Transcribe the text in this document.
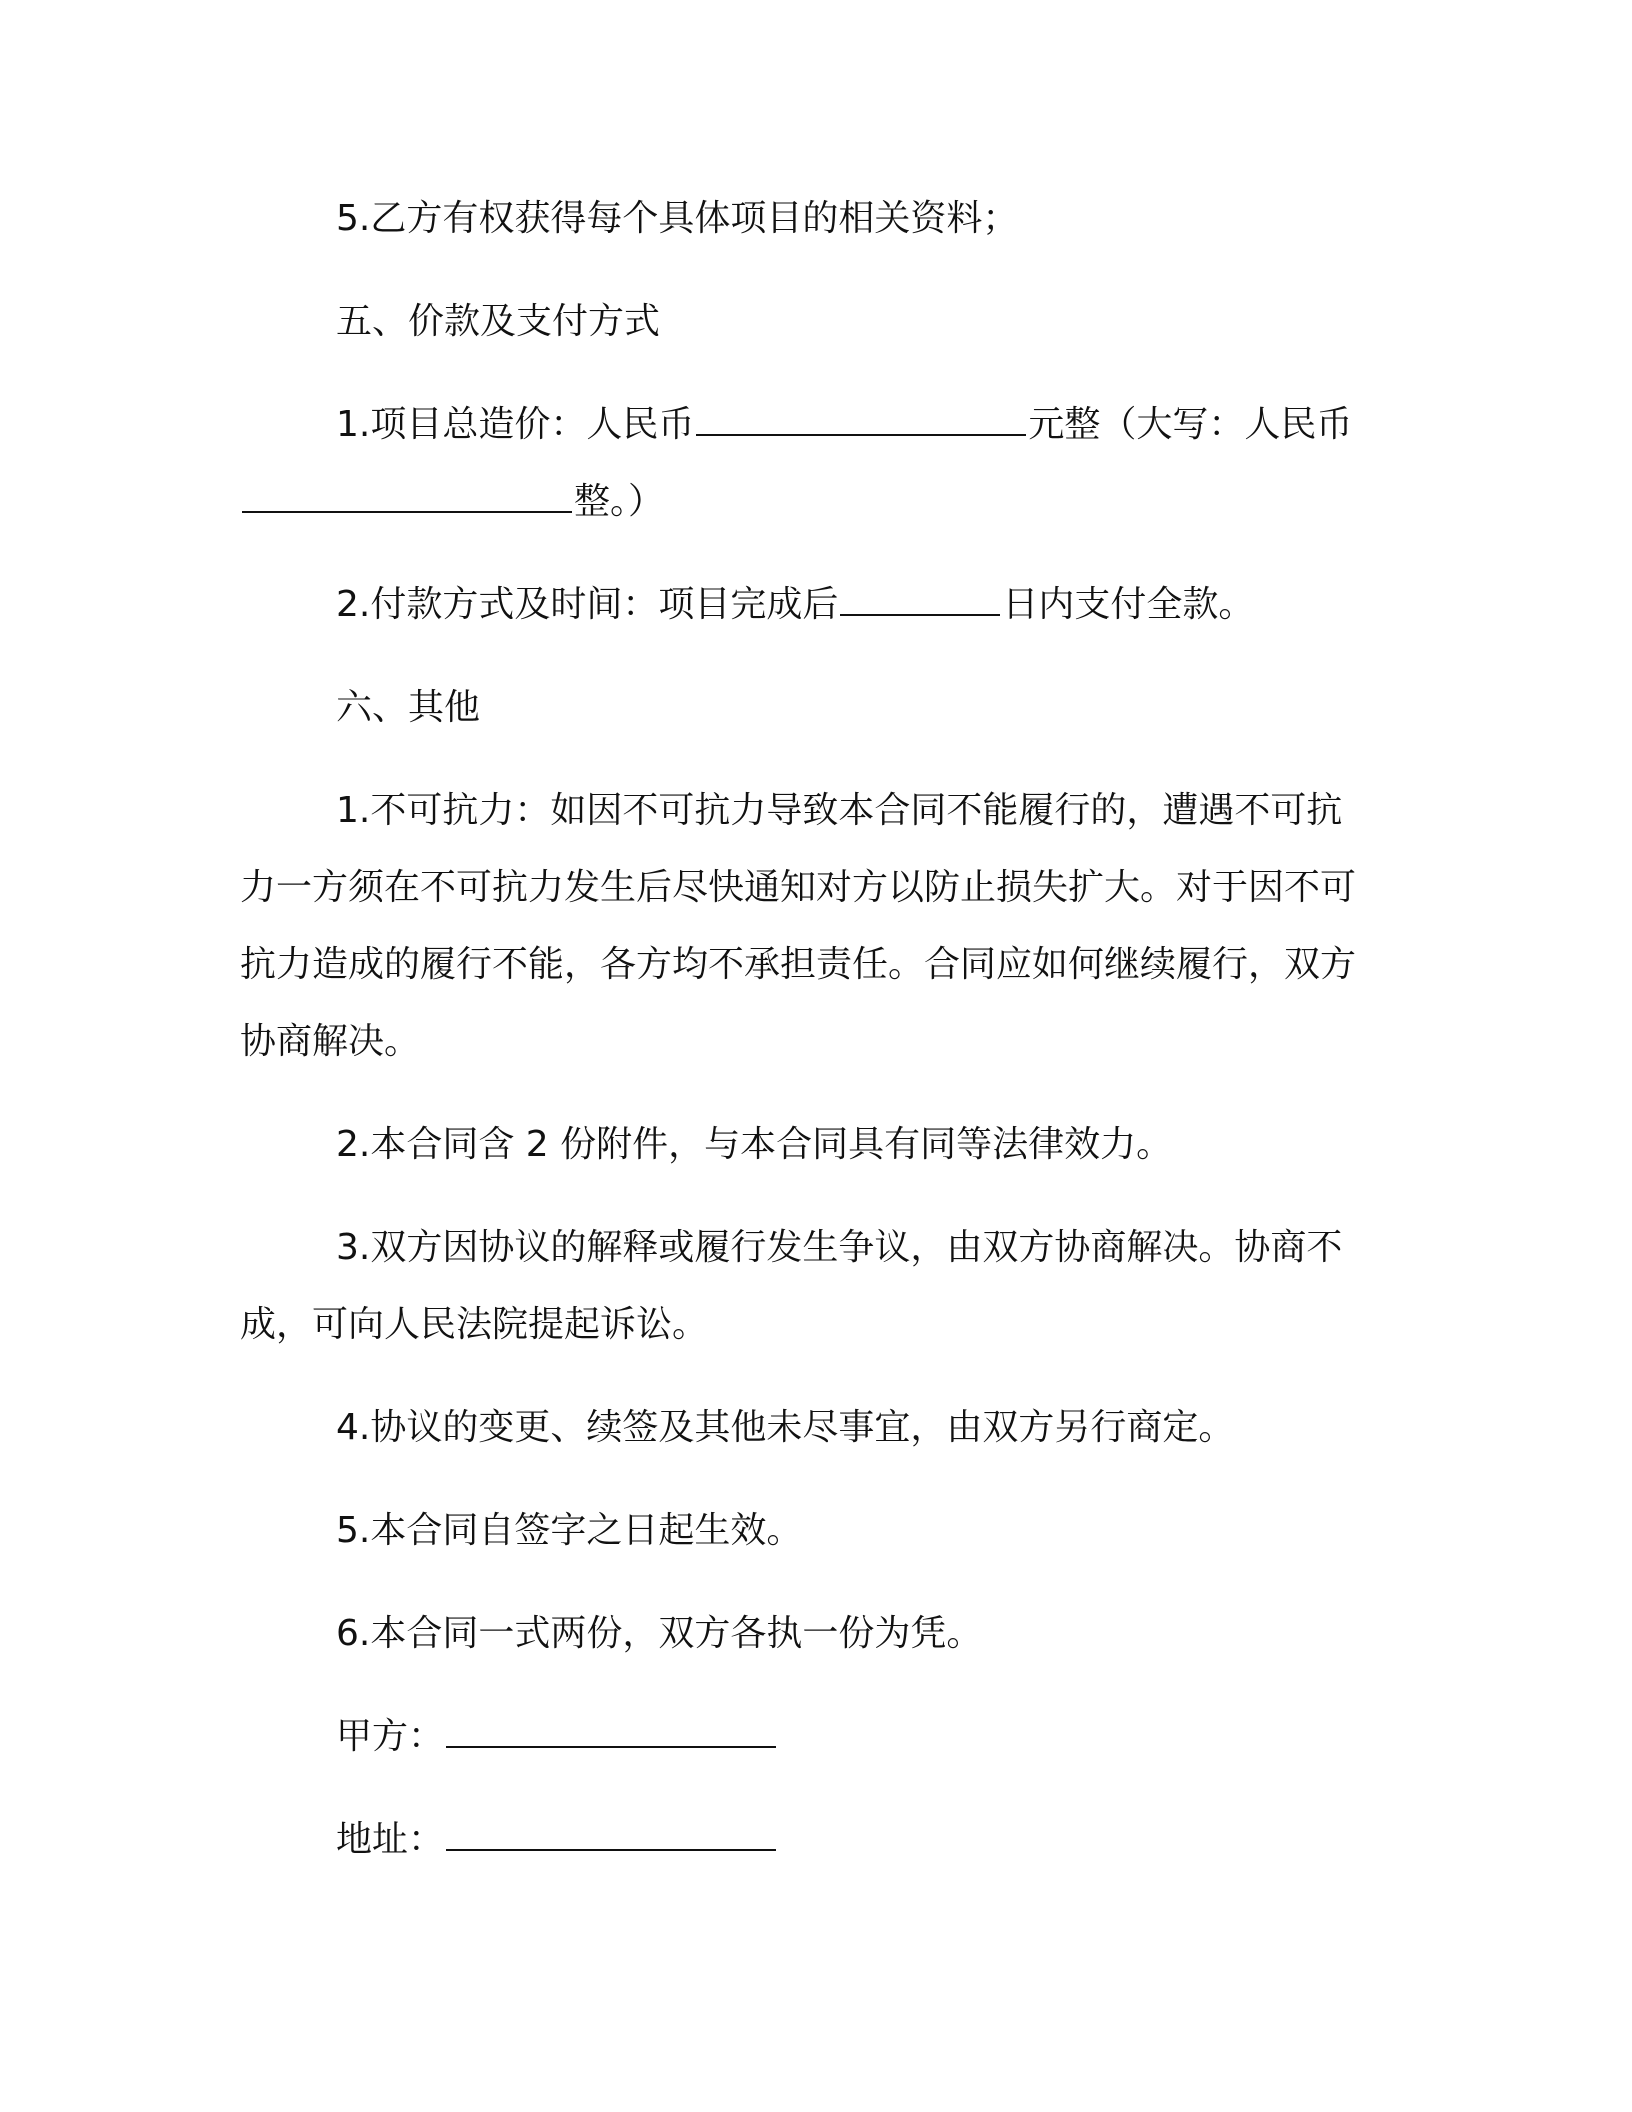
5.乙方有权获得每个具体项目的相关资料；

五、价款及支付方式

1.项目总造价：人民币	元整（大写：人民币整。）

2.付款方式及时间：项目完成后	日内支付全款。

六、其他

1.不可抗力：如因不可抗力导致本合同不能履行的，遭遇不可抗力一方须在不可抗力发生后尽快通知对方以防止损失扩大。对于因不可抗力造成的履行不能，各方均不承担责任。合同应如何继续履行，双方协商解决。

2.本合同含 2 份附件，与本合同具有同等法律效力。

3.双方因协议的解释或履行发生争议，由双方协商解决。协商不成，可向人民法院提起诉讼。

4.协议的变更、续签及其他未尽事宜，由双方另行商定。

5.本合同自签字之日起生效。

6.本合同一式两份，双方各执一份为凭。

甲方：

地址：
